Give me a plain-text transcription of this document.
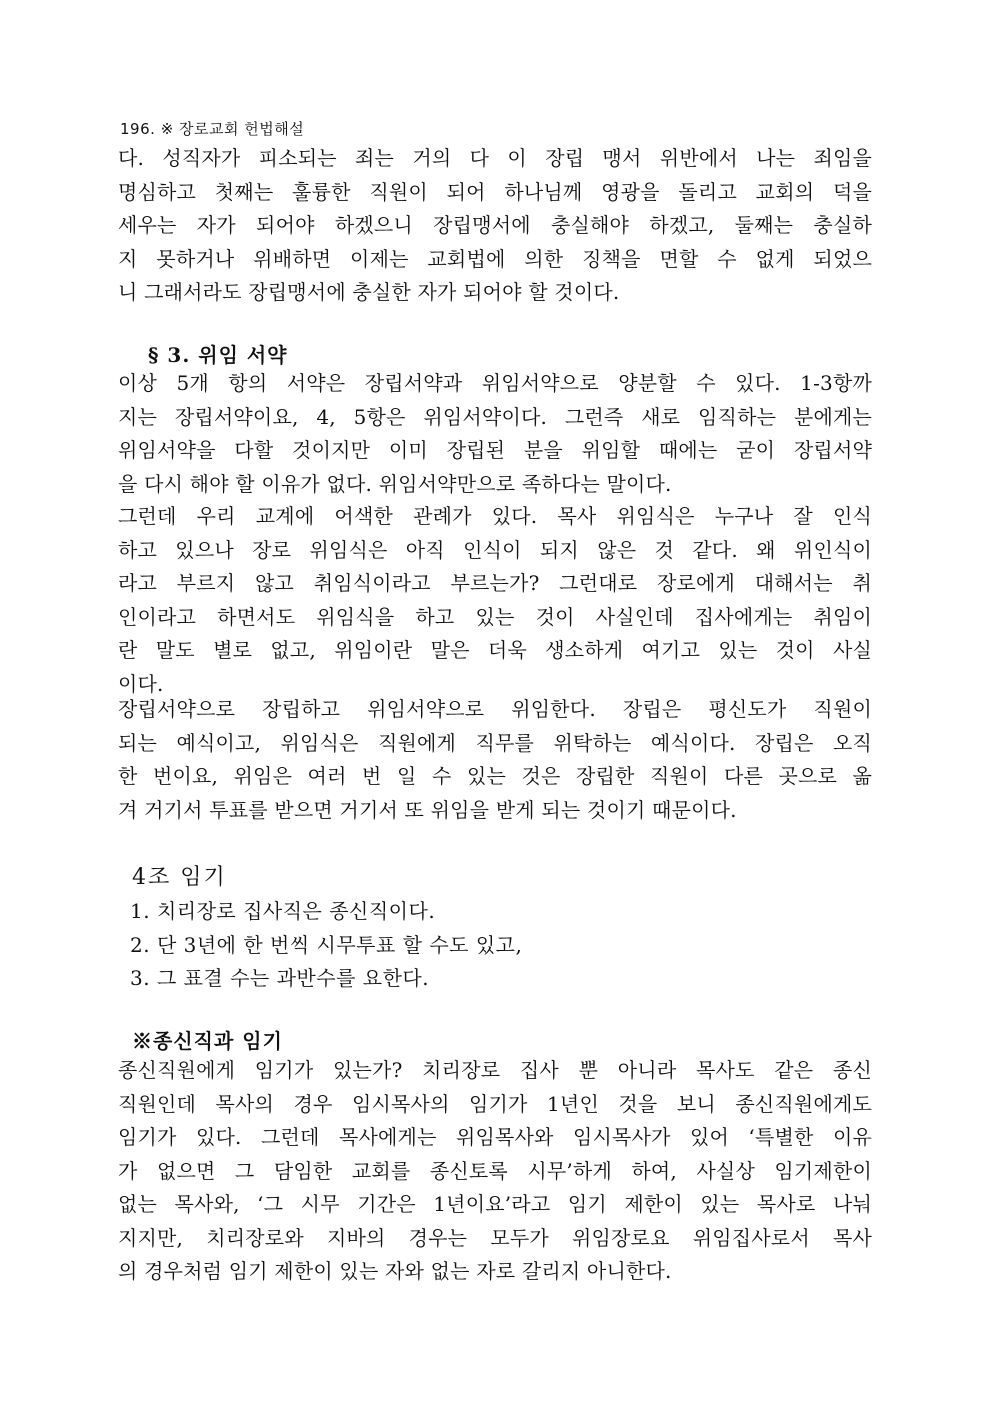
196. ※ 장로교회 헌법해설
다. 성직자가 피소되는 죄는 거의 다 이 장립 맹서 위반에서 나는 죄임을
명심하고 첫째는 훌륭한 직원이 되어 하나님께 영광을 돌리고 교회의 덕을
세우는 자가 되어야 하겠으니 장립맹서에 충실해야 하겠고, 둘째는 충실하
지 못하거나 위배하면 이제는 교회법에 의한 징책을 면할 수 없게 되었으
니 그래서라도 장립맹서에 충실한 자가 되어야 할 것이다.
§ 3. 위임 서약
이상 5개 항의 서약은 장립서약과 위임서약으로 양분할 수 있다. 1-3항까
지는 장립서약이요, 4, 5항은 위임서약이다. 그런즉 새로 임직하는 분에게는
위임서약을 다할 것이지만 이미 장립된 분을 위임할 때에는 굳이 장립서약
을 다시 해야 할 이유가 없다. 위임서약만으로 족하다는 말이다.
그런데 우리 교계에 어색한 관례가 있다. 목사 위임식은 누구나 잘 인식
하고 있으나 장로 위임식은 아직 인식이 되지 않은 것 같다. 왜 위인식이
라고 부르지 않고 취임식이라고 부르는가? 그런대로 장로에게 대해서는 취
인이라고 하면서도 위임식을 하고 있는 것이 사실인데 집사에게는 취임이
란 말도 별로 없고, 위임이란 말은 더욱 생소하게 여기고 있는 것이 사실
이다.
장립서약으로 장립하고 위임서약으로 위임한다. 장립은 평신도가 직원이
되는 예식이고, 위임식은 직원에게 직무를 위탁하는 예식이다. 장립은 오직
한 번이요, 위임은 여러 번 일 수 있는 것은 장립한 직원이 다른 곳으로 옮
겨 거기서 투표를 받으면 거기서 또 위임을 받게 되는 것이기 때문이다.
4조 임기
1. 치리장로 집사직은 종신직이다.
2. 단 3년에 한 번씩 시무투표 할 수도 있고,
3. 그 표결 수는 과반수를 요한다.
※종신직과 임기
종신직원에게 임기가 있는가? 치리장로 집사 뿐 아니라 목사도 같은 종신
직원인데 목사의 경우 임시목사의 임기가 1년인 것을 보니 종신직원에게도
임기가 있다. 그런데 목사에게는 위임목사와 임시목사가 있어 ‘특별한 이유
가 없으면 그 담임한 교회를 종신토록 시무’하게 하여, 사실상 임기제한이
없는 목사와, ‘그 시무 기간은 1년이요’라고 임기 제한이 있는 목사로 나눠
지지만, 치리장로와 지바의 경우는 모두가 위임장로요 위임집사로서 목사
의 경우처럼 임기 제한이 있는 자와 없는 자로 갈리지 아니한다.
